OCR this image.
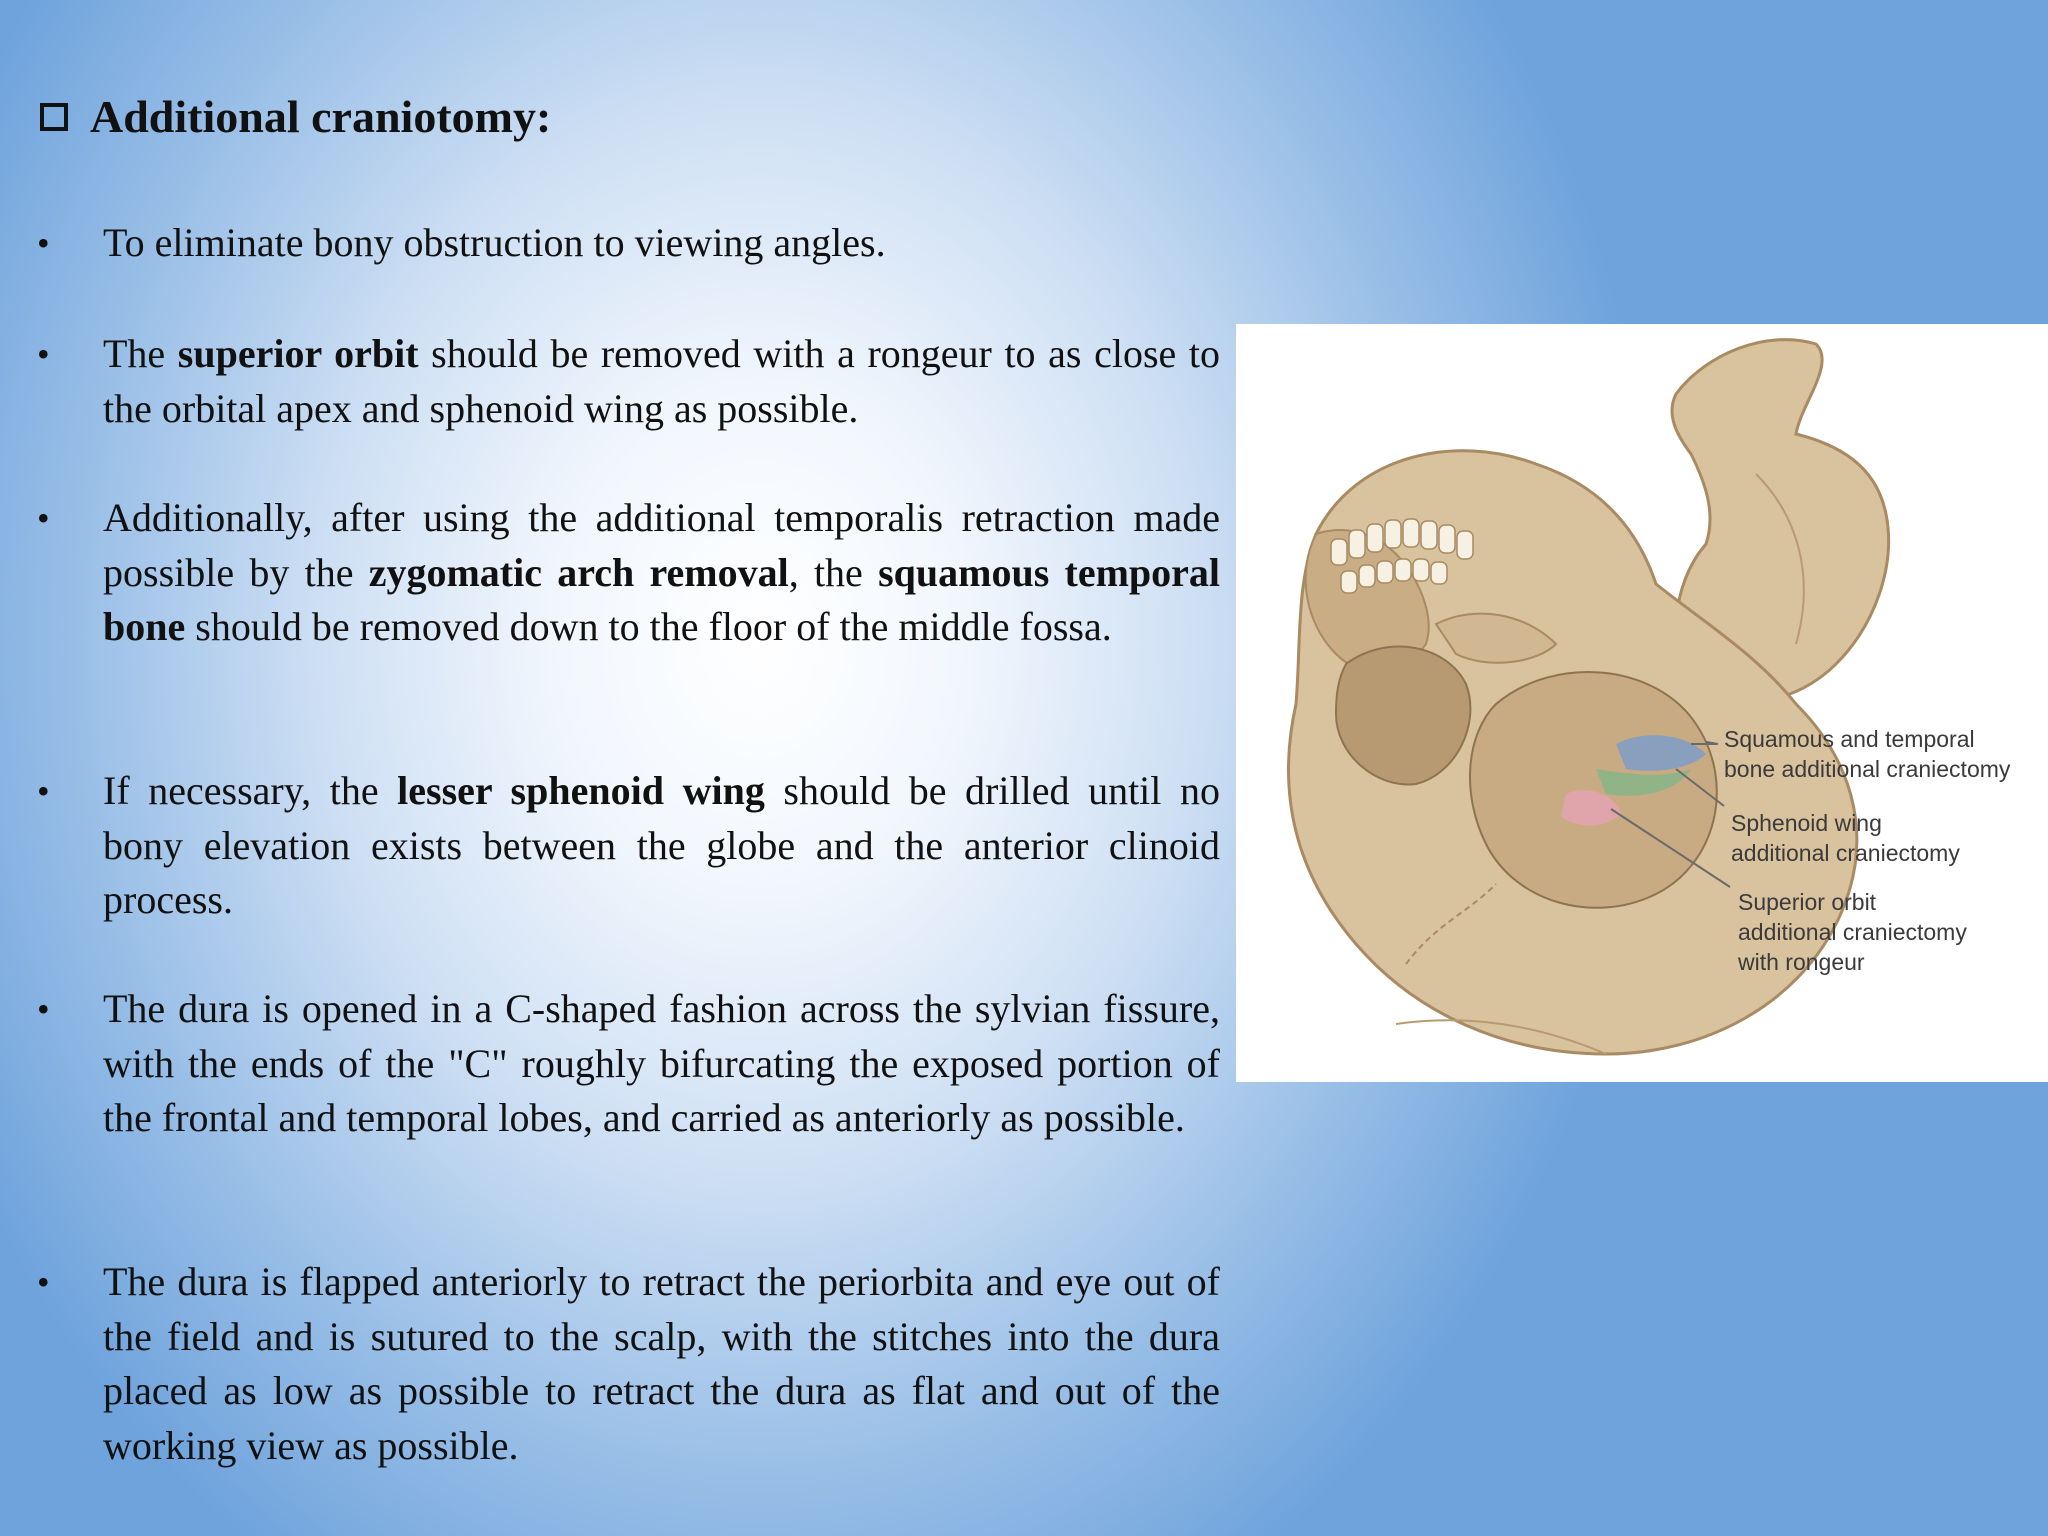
Additional craniotomy:
• To eliminate bony obstruction to viewing angles.
• The superior orbit should be removed with a rongeur to as close to the orbital apex and sphenoid wing as possible.
• Additionally, after using the additional temporalis retraction made possible by the zygomatic arch removal, the squamous temporal bone should be removed down to the floor of the middle fossa.
• If necessary, the lesser sphenoid wing should be drilled until no bony elevation exists between the globe and the anterior clinoid process.
• The dura is opened in a C-shaped fashion across the sylvian fissure, with the ends of the "C" roughly bifurcating the exposed portion of the frontal and temporal lobes, and carried as anteriorly as possible.
• The dura is flapped anteriorly to retract the periorbita and eye out of the field and is sutured to the scalp, with the stitches into the dura placed as low as possible to retract the dura as flat and out of the working view as possible.
Squamous and temporal
bone additional craniectomy
Sphenoid wing
additional craniectomy
Superior orbit
additional craniectomy
with rongeur
